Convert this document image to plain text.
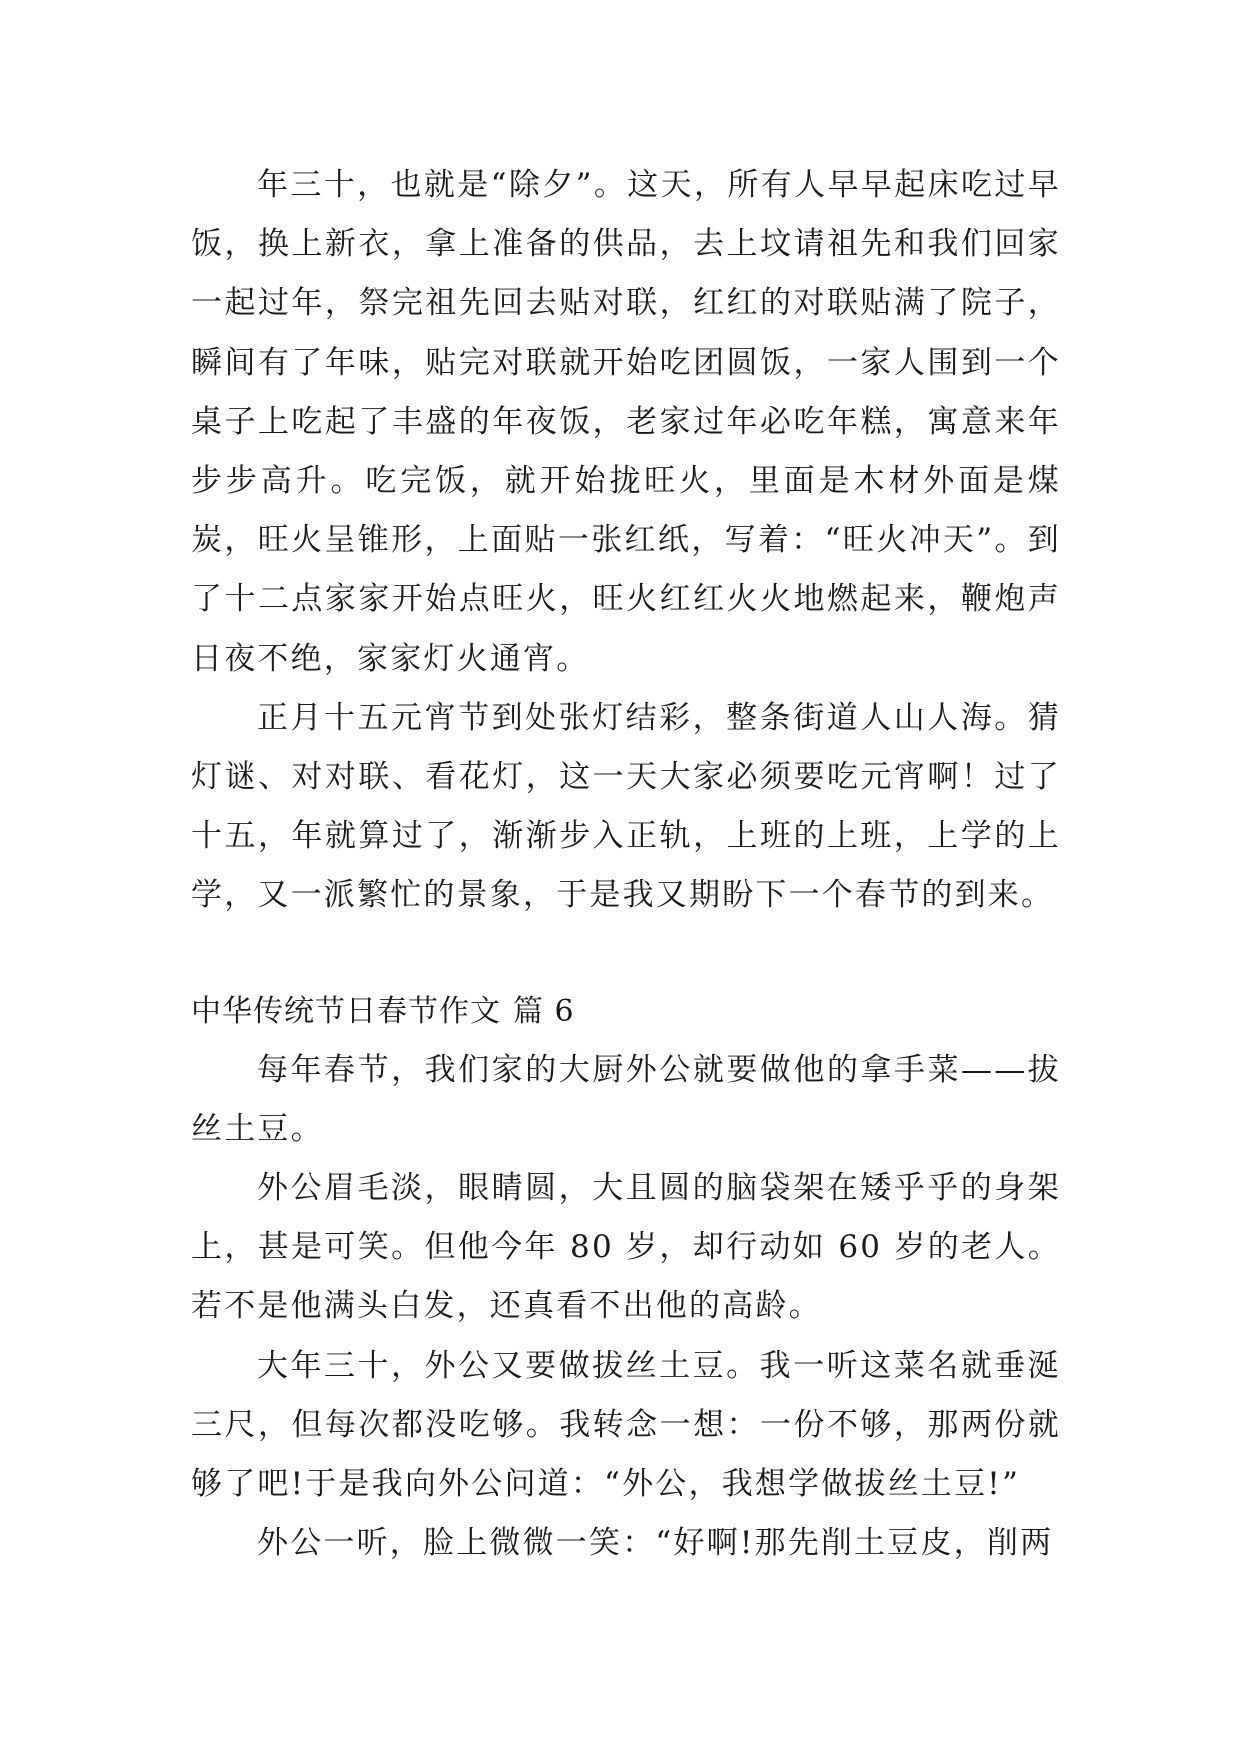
年三十，也就是“除夕”。这天，所有人早早起床吃过早饭，换上新衣，拿上准备的供品，去上坟请祖先和我们回家一起过年，祭完祖先回去贴对联，红红的对联贴满了院子，瞬间有了年味，贴完对联就开始吃团圆饭，一家人围到一个桌子上吃起了丰盛的年夜饭，老家过年必吃年糕，寓意来年步步高升。吃完饭，就开始拢旺火，里面是木材外面是煤炭，旺火呈锥形，上面贴一张红纸，写着：“旺火冲天”。到了十二点家家开始点旺火，旺火红红火火地燃起来，鞭炮声日夜不绝，家家灯火通宵。

正月十五元宵节到处张灯结彩，整条街道人山人海。猜灯谜、对对联、看花灯，这一天大家必须要吃元宵啊！过了十五，年就算过了，渐渐步入正轨，上班的上班，上学的上学，又一派繁忙的景象，于是我又期盼下一个春节的到来。

中华传统节日春节作文 篇 6

每年春节，我们家的大厨外公就要做他的拿手菜——拔丝土豆。

外公眉毛淡，眼睛圆，大且圆的脑袋架在矮乎乎的身架上，甚是可笑。但他今年 80 岁，却行动如 60 岁的老人。若不是他满头白发，还真看不出他的高龄。

大年三十，外公又要做拔丝土豆。我一听这菜名就垂涎三尺，但每次都没吃够。我转念一想：一份不够，那两份就够了吧!于是我向外公问道：“外公，我想学做拔丝土豆!”

外公一听，脸上微微一笑：“好啊!那先削土豆皮，削两
